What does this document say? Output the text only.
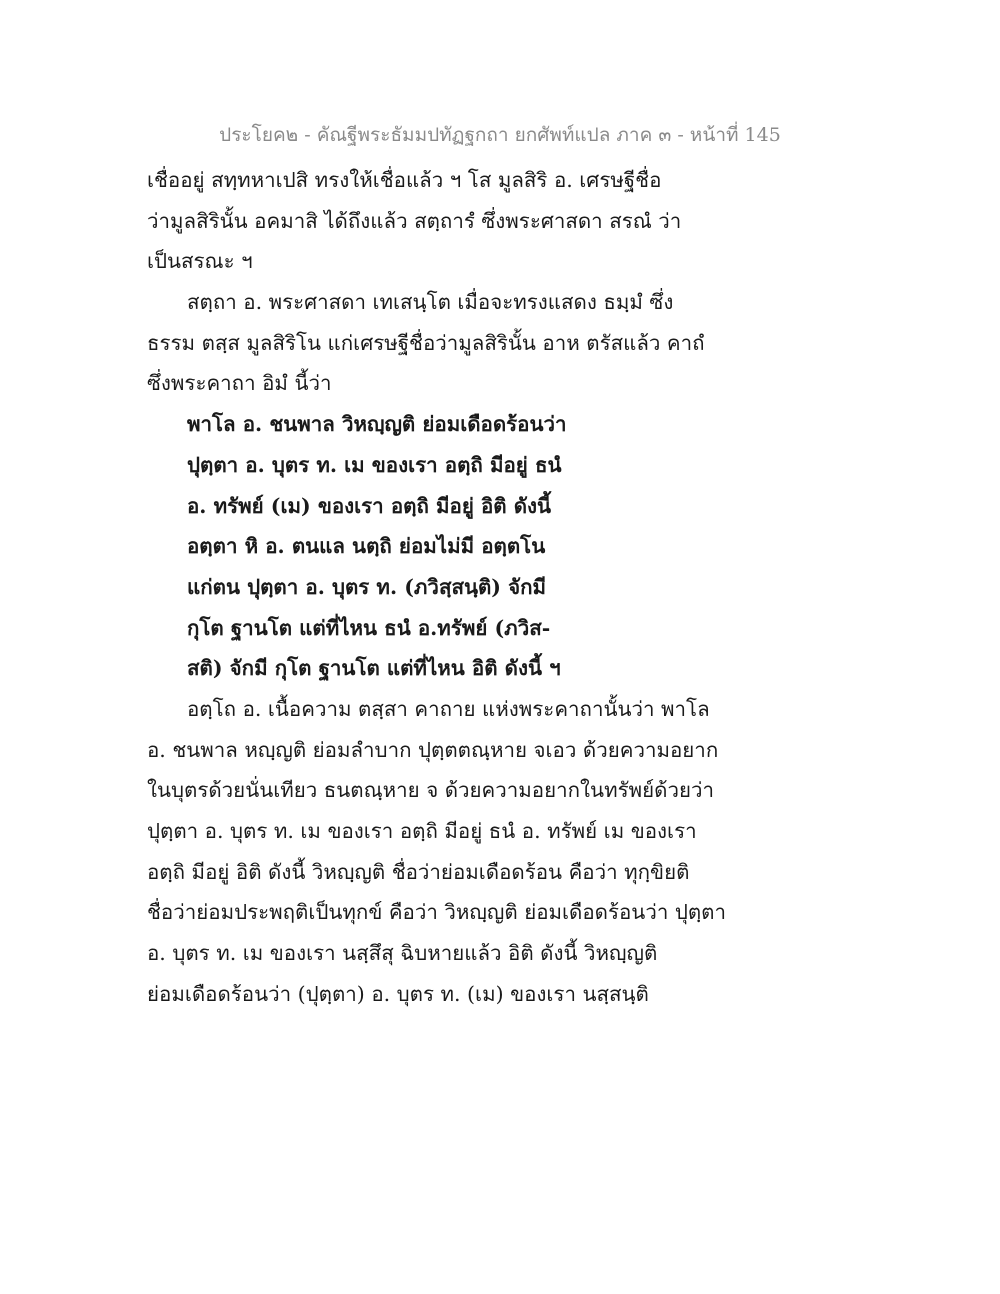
ประโยค๒ - คัณฐีพระธัมมปทัฏฐกถา ยกศัพท์แปล ภาค ๓ - หน้าที่ 145
เชื่ออยู่ สทฺทหาเปสิ ทรงให้เชื่อแล้ว ฯ โส มูลสิริ อ. เศรษฐีชื่อ
ว่ามูลสิรินั้น อคมาสิ ได้ถึงแล้ว สตฺถารํ ซึ่งพระศาสดา สรณํ ว่า
เป็นสรณะ ฯ
สตฺถา อ. พระศาสดา เทเสนฺโต เมื่อจะทรงแสดง ธมฺมํ ซึ่ง
ธรรม ตสฺส มูลสิริโน แก่เศรษฐีชื่อว่ามูลสิรินั้น อาห ตรัสแล้ว คาถํ
ซึ่งพระคาถา อิมํ นี้ว่า
พาโล อ. ชนพาล วิหญฺญติ ย่อมเดือดร้อนว่า
ปุตฺตา อ. บุตร ท. เม ของเรา อตฺถิ มีอยู่ ธนํ
อ. ทรัพย์ (เม) ของเรา อตฺถิ มีอยู่ อิติ ดังนี้
อตฺตา หิ อ. ตนแล นตฺถิ ย่อมไม่มี อตฺตโน
แก่ตน ปุตฺตา อ. บุตร ท. (ภวิสฺสนฺติ) จักมี
กุโต ฐานโต แต่ที่ไหน ธนํ อ.ทรัพย์ (ภวิส-
สติ) จักมี กุโต ฐานโต แต่ที่ไหน อิติ ดังนี้ ฯ
อตฺโถ อ. เนื้อความ ตสฺสา คาถาย แห่งพระคาถานั้นว่า พาโล
อ. ชนพาล หญฺญติ ย่อมลำบาก ปุตฺตตณฺหาย จเอว ด้วยความอยาก
ในบุตรด้วยนั่นเทียว ธนตณฺหาย จ ด้วยความอยากในทรัพย์ด้วยว่า
ปุตฺตา อ. บุตร ท. เม ของเรา อตฺถิ มีอยู่ ธนํ อ. ทรัพย์ เม ของเรา
อตฺถิ มีอยู่ อิติ ดังนี้ วิหญฺญติ ชื่อว่าย่อมเดือดร้อน คือว่า ทุกฺขิยติ
ชื่อว่าย่อมประพฤติเป็นทุกข์ คือว่า วิหญฺญติ ย่อมเดือดร้อนว่า ปุตฺตา
อ. บุตร ท. เม ของเรา นสฺสึสุ ฉิบหายแล้ว อิติ ดังนี้ วิหญฺญติ
ย่อมเดือดร้อนว่า (ปุตฺตา) อ. บุตร ท. (เม) ของเรา นสฺสนฺติ
